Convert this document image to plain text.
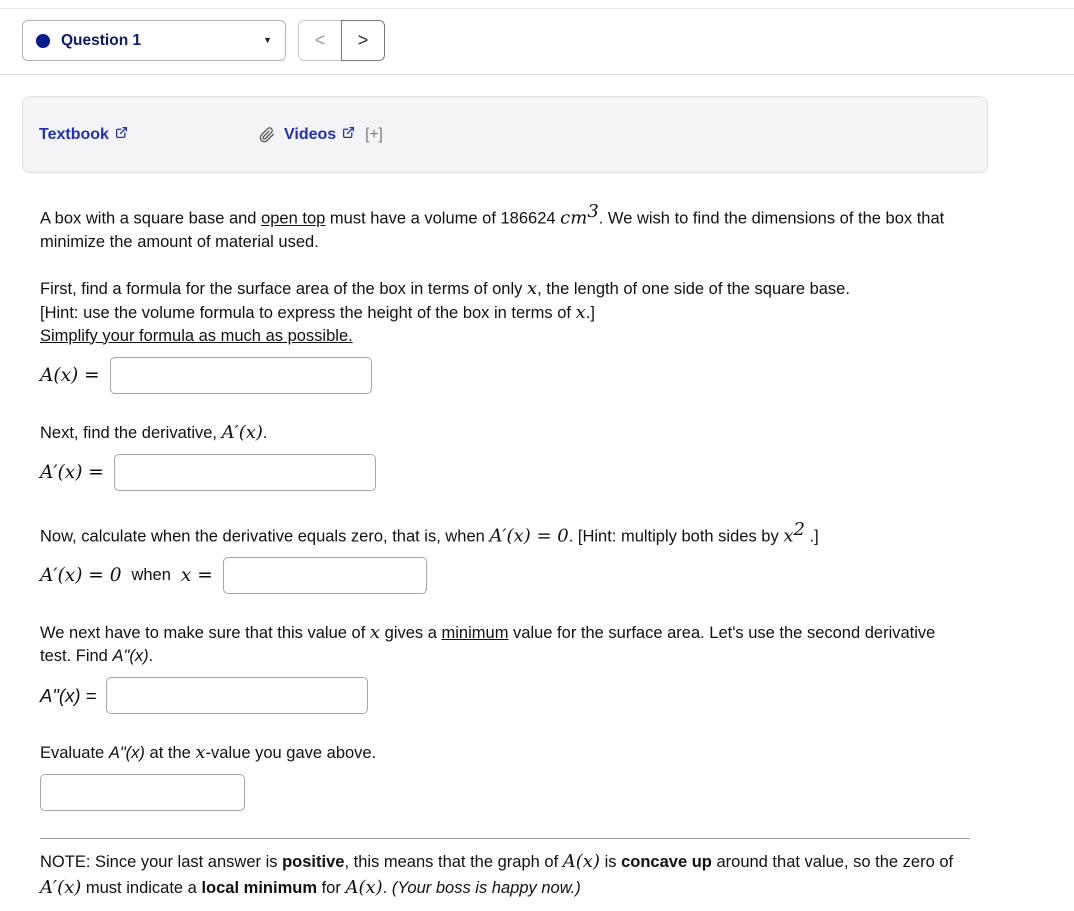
Question 1	▼	<	>
Textbook	Videos [+]

A box with a square base and open top must have a volume of 186624 $cm^3$. We wish to find the dimensions of the box that minimize the amount of material used.

First, find a formula for the surface area of the box in terms of only x, the length of one side of the square base.
[Hint: use the volume formula to express the height of the box in terms of x.]
Simplify your formula as much as possible.
A(x) =

Next, find the derivative, A′(x).

A′(x) =

Now, calculate when the derivative equals zero, that is, when A′(x) = 0. [Hint: multiply both sides by $x^2$ .]

A′(x) = 0 when x =

We next have to make sure that this value of x gives a minimum value for the surface area. Let's use the second derivative test. Find A"(x).

A"(x) =

Evaluate A"(x) at the x-value you gave above.

NOTE: Since your last answer is positive, this means that the graph of A(x) is concave up around that value, so the zero of A′(x) must indicate a local minimum for A(x). (Your boss is happy now.)
